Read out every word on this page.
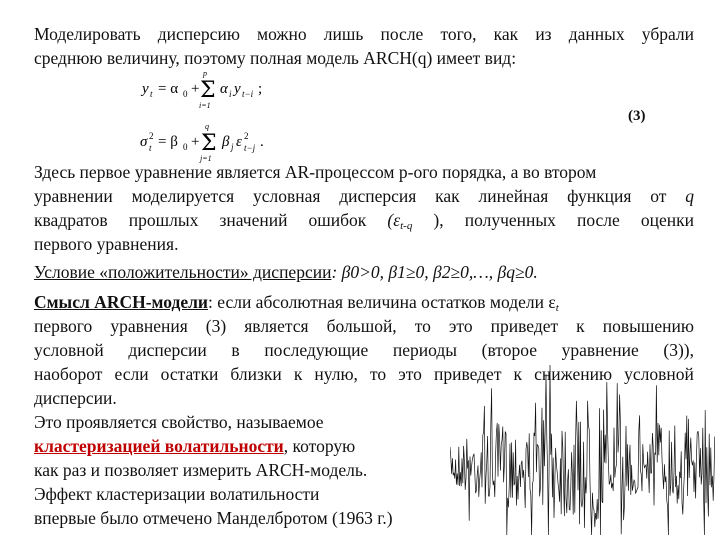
Моделировать дисперсию можно лишь после того, как из данных убрали
среднюю величину, поэтому полная модель ARCH(q) имеет вид:
y t = α 0 +
p
Σ
i=1
α i y t−i ;
(3)
σ 2
t = β 0 +
q
Σ
j=1
β j ε 2
t−j .
Здесь первое уравнение является AR-процессом p-ого порядка, а во втором
уравнении моделируется условная дисперсия как линейная функция от q
квадратов прошлых значений ошибок ($\varepsilon_{t-q}$ ), полученных после оценки
первого уравнения.
Условие «положительности» дисперсии: β0>0, β1≥0, β2≥0,…, βq≥0.
Смысл ARCH-модели: если абсолютная величина остатков модели $\varepsilon_t$
первого уравнения (3) является большой, то это приведет к повышению
условной дисперсии в последующие периоды (второе уравнение (3)),
наоборот если остатки близки к нулю, то это приведет к снижению условной
дисперсии.
Это проявляется свойство, называемое
кластеризацией волатильности, которую
как раз и позволяет измерить ARCH-модель.
Эффект кластеризации волатильности
впервые было отмечено Манделбротом (1963 г.)
